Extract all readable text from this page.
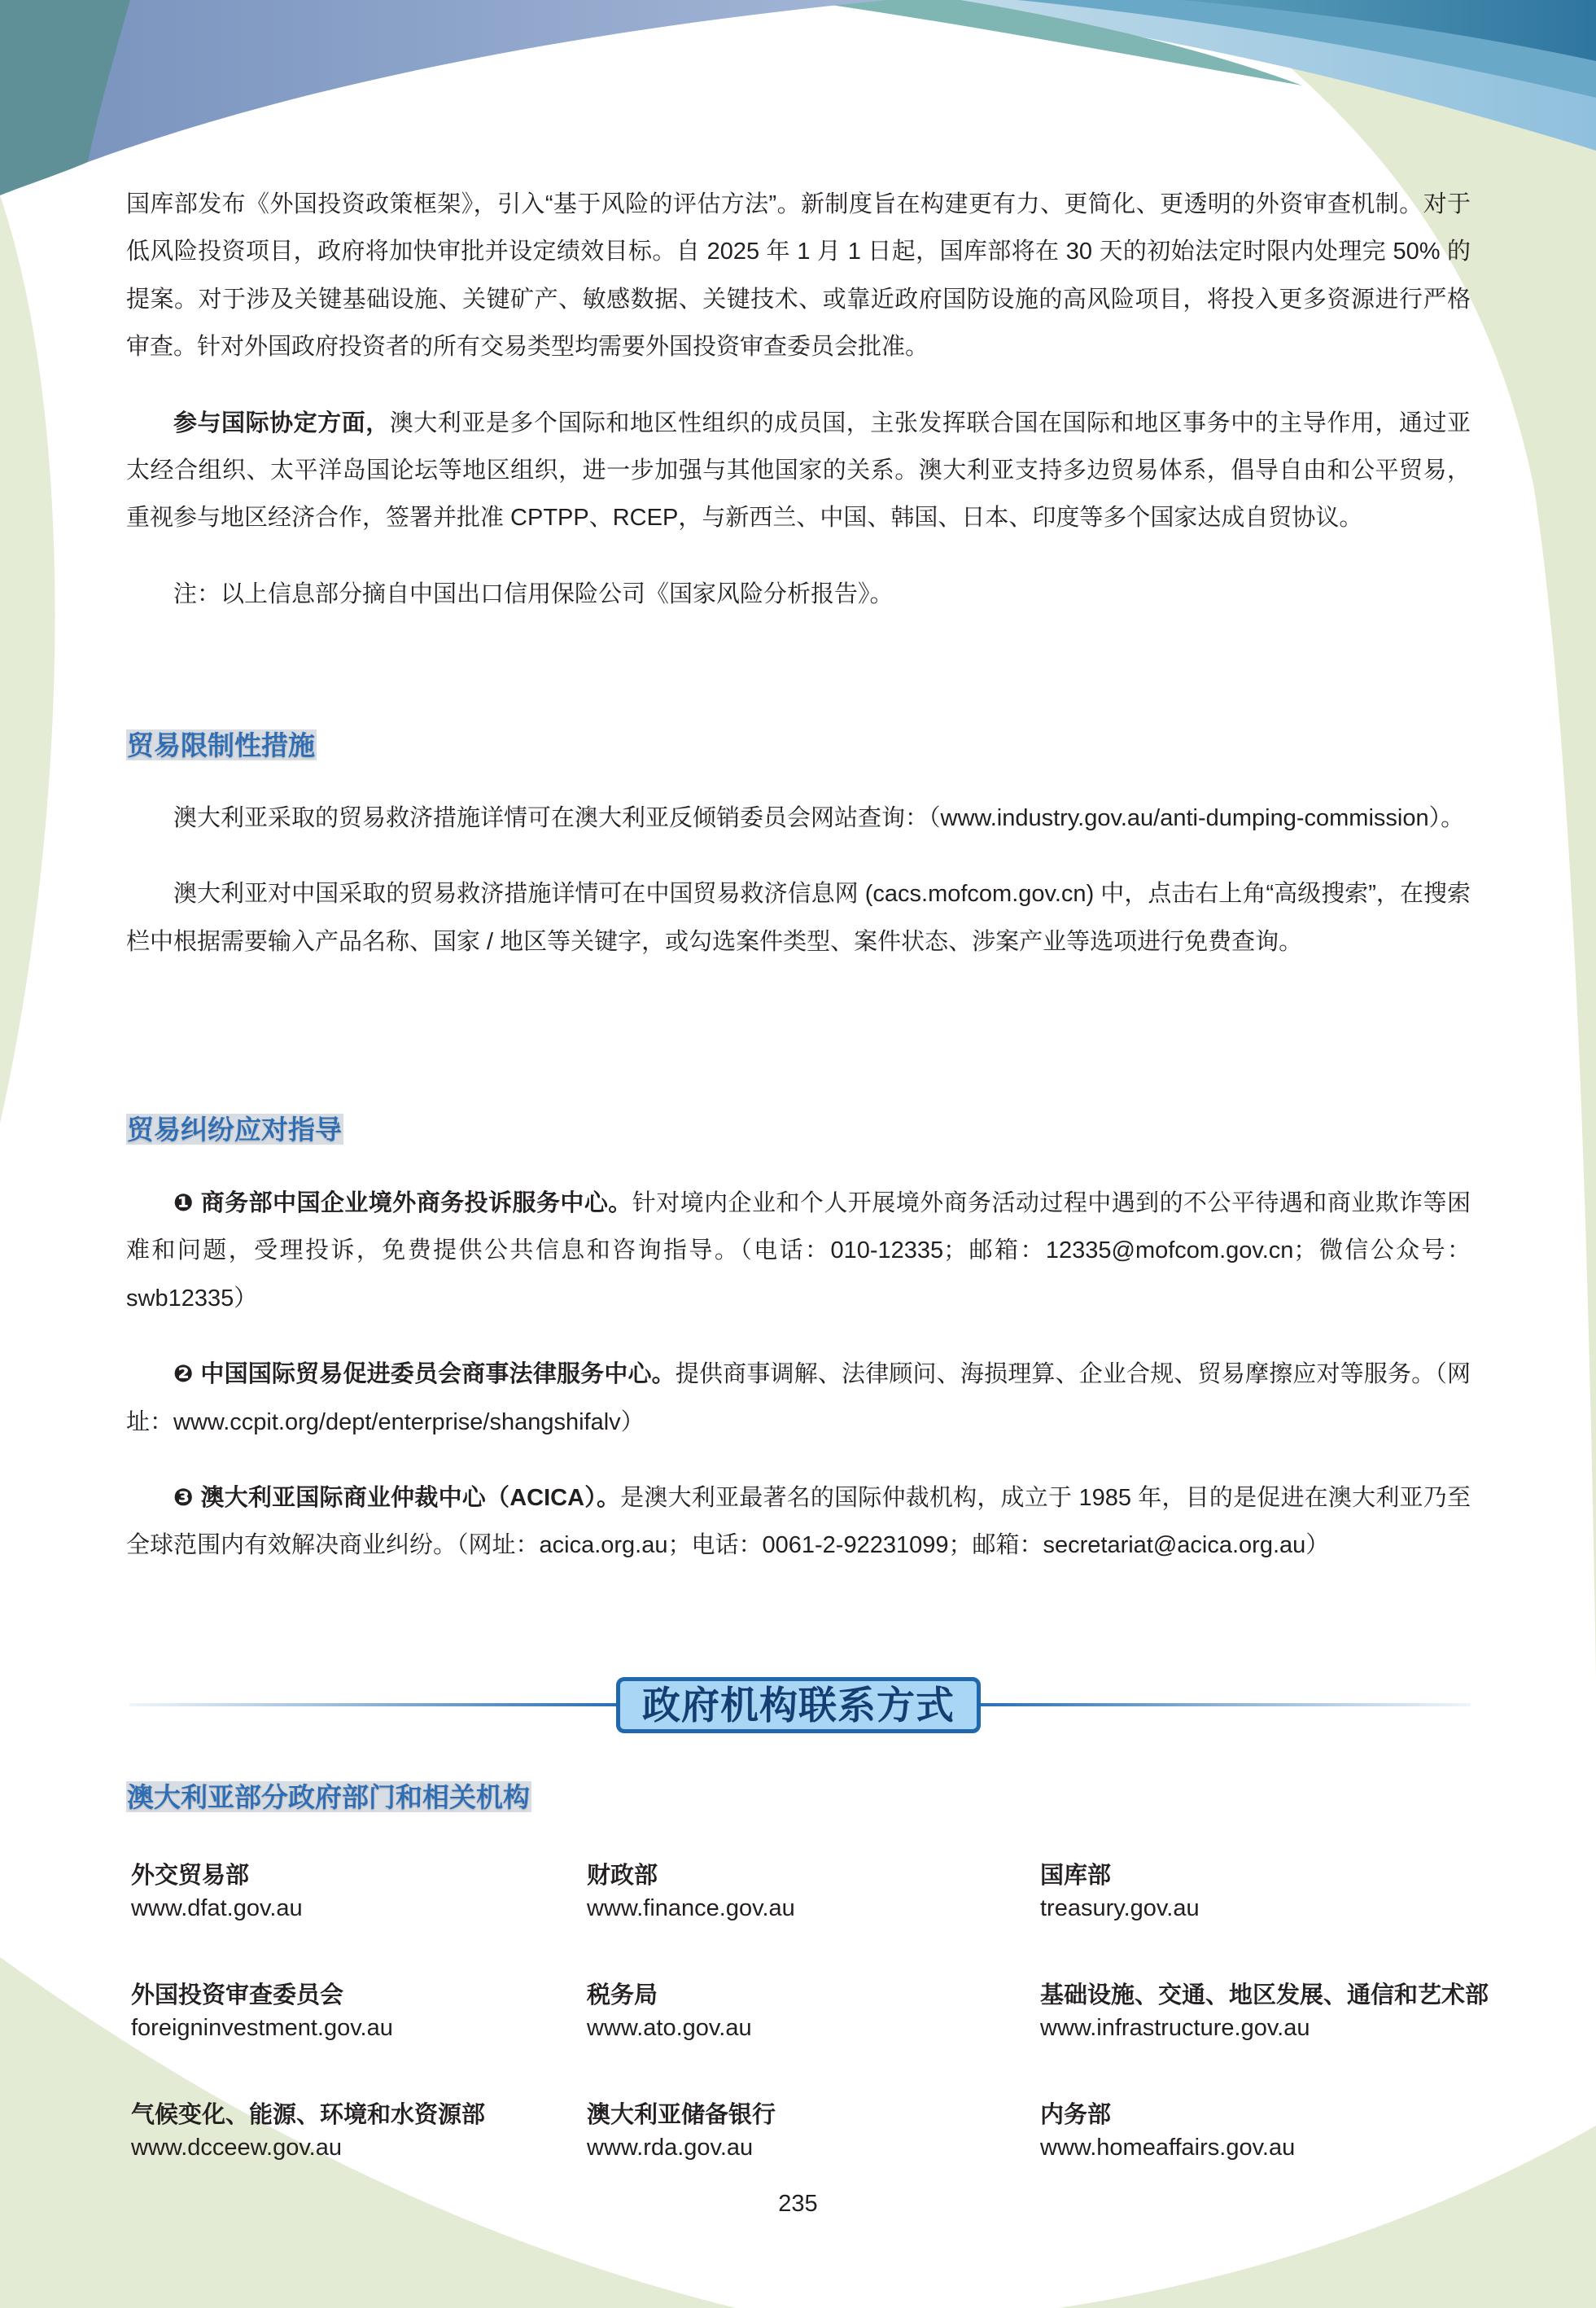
国库部发布《外国投资政策框架》，引入“基于风险的评估方法”。新制度旨在构建更有力、更简化、更透明的外资审查机制。对于低风险投资项目，政府将加快审批并设定绩效目标。自 2025 年 1 月 1 日起，国库部将在 30 天的初始法定时限内处理完 50% 的提案。对于涉及关键基础设施、关键矿产、敏感数据、关键技术、或靠近政府国防设施的高风险项目，将投入更多资源进行严格审查。针对外国政府投资者的所有交易类型均需要外国投资审查委员会批准。

参与国际协定方面，澳大利亚是多个国际和地区性组织的成员国，主张发挥联合国在国际和地区事务中的主导作用，通过亚太经合组织、太平洋岛国论坛等地区组织，进一步加强与其他国家的关系。澳大利亚支持多边贸易体系，倡导自由和公平贸易，重视参与地区经济合作，签署并批准 CPTPP、RCEP，与新西兰、中国、韩国、日本、印度等多个国家达成自贸协议。

注：以上信息部分摘自中国出口信用保险公司《国家风险分析报告》。

贸易限制性措施

澳大利亚采取的贸易救济措施详情可在澳大利亚反倾销委员会网站查询：（www.industry.gov.au/anti-dumping-commission）。

澳大利亚对中国采取的贸易救济措施详情可在中国贸易救济信息网 (cacs.mofcom.gov.cn) 中，点击右上角“高级搜索”，在搜索栏中根据需要输入产品名称、国家 / 地区等关键字，或勾选案件类型、案件状态、涉案产业等选项进行免费查询。

贸易纠纷应对指导

❶ 商务部中国企业境外商务投诉服务中心。针对境内企业和个人开展境外商务活动过程中遇到的不公平待遇和商业欺诈等困难和问题，受理投诉，免费提供公共信息和咨询指导。（电话：010-12335；邮箱：12335@mofcom.gov.cn；微信公众号：swb12335）

❷ 中国国际贸易促进委员会商事法律服务中心。提供商事调解、法律顾问、海损理算、企业合规、贸易摩擦应对等服务。（网址：www.ccpit.org/dept/enterprise/shangshifalv）

❸ 澳大利亚国际商业仲裁中心（ACICA）。是澳大利亚最著名的国际仲裁机构，成立于 1985 年，目的是促进在澳大利亚乃至全球范围内有效解决商业纠纷。（网址：acica.org.au；电话：0061-2-92231099；邮箱：secretariat@acica.org.au）

政府机构联系方式
澳大利亚部分政府部门和相关机构
外交贸易部
www.dfat.gov.au
财政部
www.finance.gov.au
国库部
treasury.gov.au
外国投资审查委员会
foreigninvestment.gov.au
税务局
www.ato.gov.au
基础设施、交通、地区发展、通信和艺术部
www.infrastructure.gov.au
气候变化、能源、环境和水资源部
www.dcceew.gov.au
澳大利亚储备银行
www.rda.gov.au
内务部
www.homeaffairs.gov.au
235
